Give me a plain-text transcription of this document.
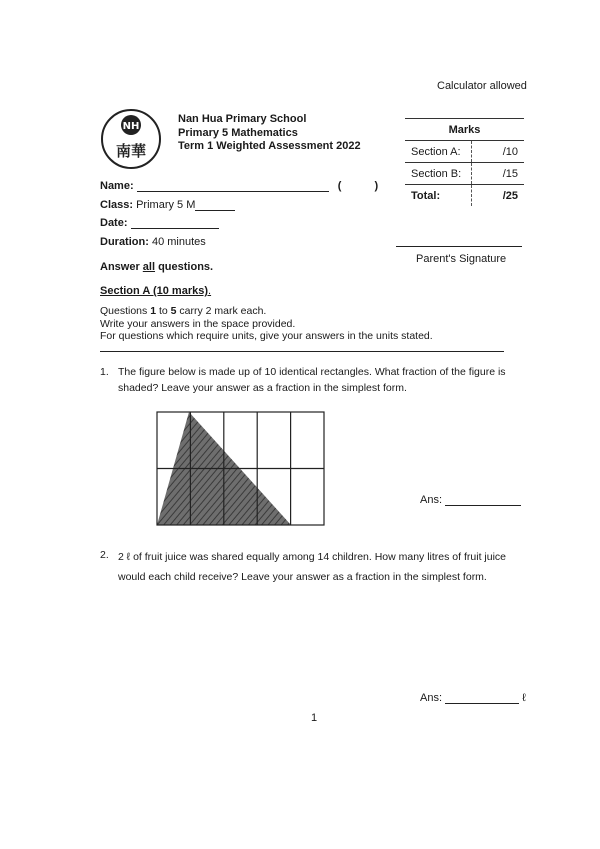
Calculator allowed
NH
南華
Nan Hua Primary School
Primary 5 Mathematics
Term 1 Weighted Assessment 2022
Marks	
Section A:	/10
Section B:	/15
Total:	/25
Name:	(	)
Class: Primary 5 M
Date:
Duration: 40 minutes
Parent's Signature
Answer all questions.
Section A (10 marks).
Questions 1 to 5 carry 2 mark each.
Write your answers in the space provided.
For questions which require units, give your answers in the units stated.
1. The figure below is made up of 10 identical rectangles. What fraction of the figure is
shaded? Leave your answer as a fraction in the simplest form.
Ans:
2. 2 ℓ of fruit juice was shared equally among 14 children. How many litres of fruit juice
would each child receive? Leave your answer as a fraction in the simplest form.
Ans:	ℓ
1
